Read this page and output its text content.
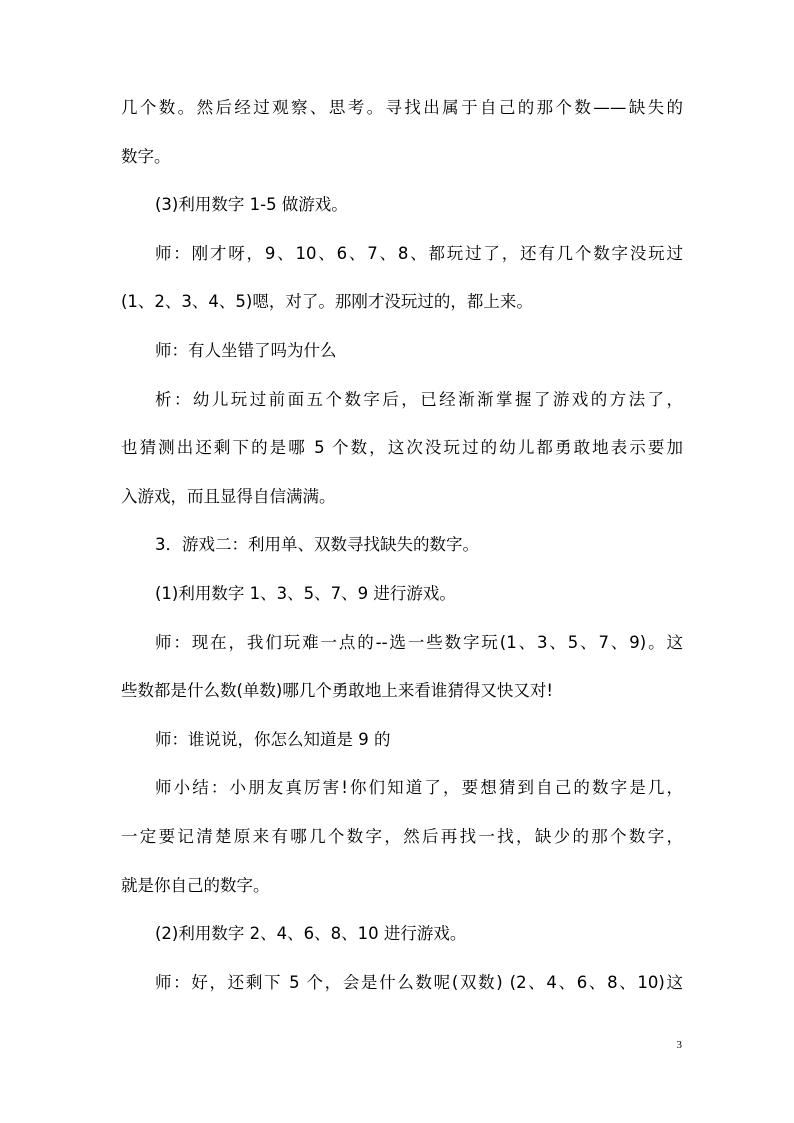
几个数。然后经过观察、思考。寻找出属于自己的那个数——缺失的
数字。
(3)利用数字 1-5 做游戏。
师：刚才呀，9、10、6、7、8、都玩过了，还有几个数字没玩过
(1、2、3、4、5)嗯，对了。那刚才没玩过的，都上来。
师：有人坐错了吗为什么
析：幼儿玩过前面五个数字后，已经渐渐掌握了游戏的方法了，
也猜测出还剩下的是哪 5 个数，这次没玩过的幼儿都勇敢地表示要加
入游戏，而且显得自信满满。
3．游戏二：利用单、双数寻找缺失的数字。
(1)利用数字 1、3、5、7、9 进行游戏。
师：现在，我们玩难一点的--选一些数字玩(1、3、5、7、9)。这
些数都是什么数(单数)哪几个勇敢地上来看谁猜得又快又对!
师：谁说说，你怎么知道是 9 的
师小结：小朋友真厉害!你们知道了，要想猜到自己的数字是几，
一定要记清楚原来有哪几个数字，然后再找一找，缺少的那个数字，
就是你自己的数字。
(2)利用数字 2、4、6、8、10 进行游戏。
师：好，还剩下 5 个，会是什么数呢(双数) (2、4、6、8、10)这
3
